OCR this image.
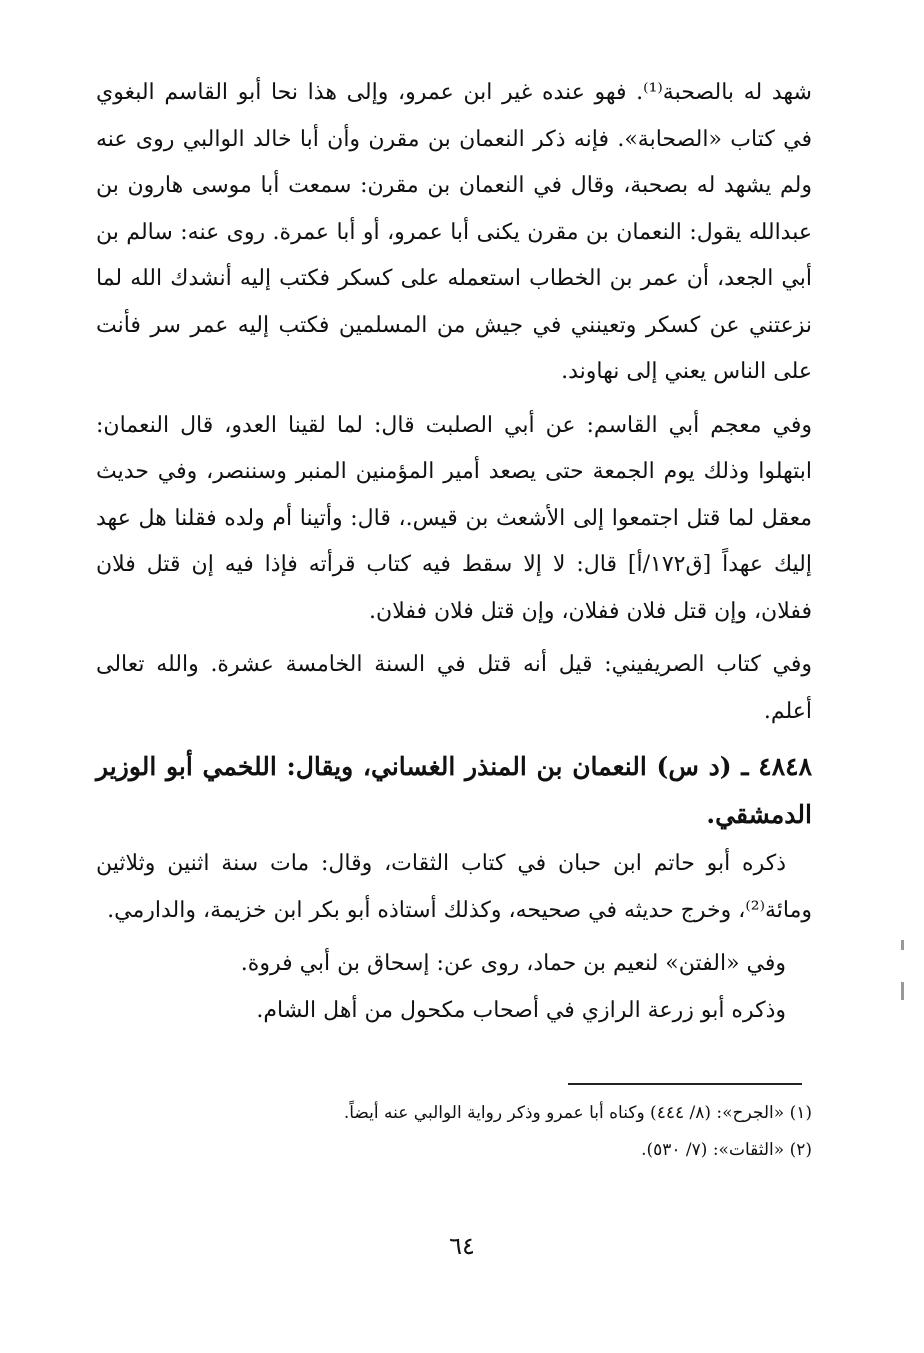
شهد له بالصحبة⁽¹⁾. فهو عنده غير ابن عمرو، وإلى هذا نحا أبو القاسم البغوي في كتاب «الصحابة». فإنه ذكر النعمان بن مقرن وأن أبا خالد الوالبي روى عنه ولم يشهد له بصحبة، وقال في النعمان بن مقرن: سمعت أبا موسى هارون بن عبدالله يقول: النعمان بن مقرن يكنى أبا عمرو، أو أبا عمرة. روى عنه: سالم بن أبي الجعد، أن عمر بن الخطاب استعمله على كسكر فكتب إليه أنشدك الله لما نزعتني عن كسكر وتعينني في جيش من المسلمين فكتب إليه عمر سر فأنت على الناس يعني إلى نهاوند.

وفي معجم أبي القاسم: عن أبي الصلبت قال: لما لقينا العدو، قال النعمان: ابتهلوا وذلك يوم الجمعة حتى يصعد أمير المؤمنين المنبر وسننصر، وفي حديث معقل لما قتل اجتمعوا إلى الأشعث بن قيس.، قال: وأتينا أم ولده فقلنا هل عهد إليك عهداً [ق١٧٢/أ] قال: لا إلا سقط فيه كتاب قرأته فإذا فيه إن قتل فلان ففلان، وإن قتل فلان ففلان، وإن قتل فلان ففلان.

وفي كتاب الصريفيني: قيل أنه قتل في السنة الخامسة عشرة. والله تعالى أعلم.

٤٨٤٨ ـ (د س) النعمان بن المنذر الغساني، ويقال: اللخمي أبو الوزير الدمشقي.

ذكره أبو حاتم ابن حبان في كتاب الثقات، وقال: مات سنة اثنين وثلاثين ومائة⁽²⁾، وخرج حديثه في صحيحه، وكذلك أستاذه أبو بكر ابن خزيمة، والدارمي.

وفي «الفتن» لنعيم بن حماد، روى عن: إسحاق بن أبي فروة.

وذكره أبو زرعة الرازي في أصحاب مكحول من أهل الشام.

(١) «الجرح»: (٨/ ٤٤٤) وكناه أبا عمرو وذكر رواية الوالبي عنه أيضاً.

(٢) «الثقات»: (٧/ ٥٣٠).

٦٤
